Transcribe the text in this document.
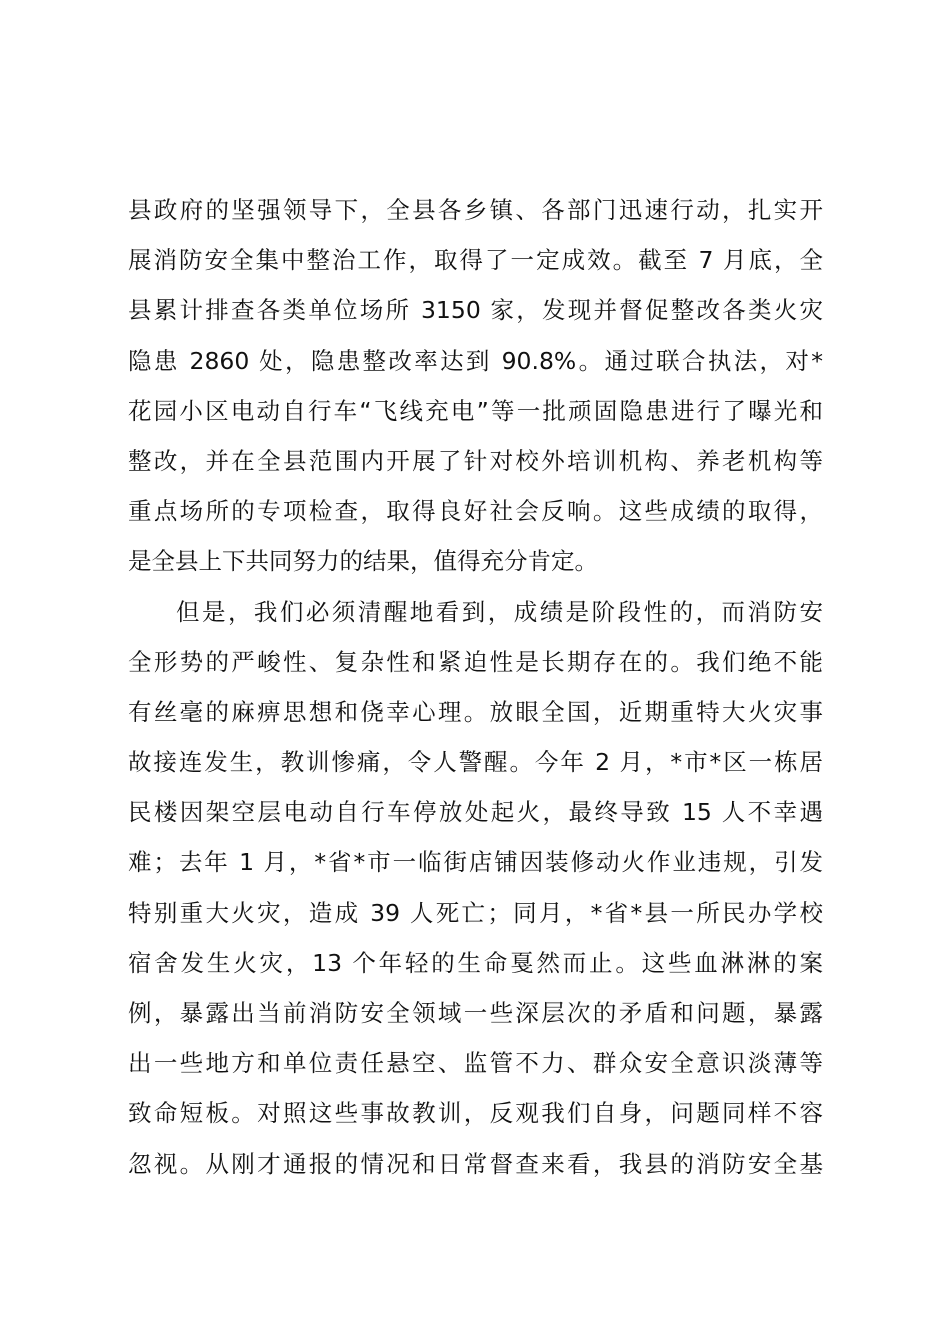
县政府的坚强领导下，全县各乡镇、各部门迅速行动，扎实开
展消防安全集中整治工作，取得了一定成效。截至 7 月底，全
县累计排查各类单位场所 3150 家，发现并督促整改各类火灾
隐患 2860 处，隐患整改率达到 90.8%。通过联合执法，对*
花园小区电动自行车“飞线充电”等一批顽固隐患进行了曝光和
整改，并在全县范围内开展了针对校外培训机构、养老机构等
重点场所的专项检查，取得良好社会反响。这些成绩的取得，
是全县上下共同努力的结果，值得充分肯定。
但是，我们必须清醒地看到，成绩是阶段性的，而消防安
全形势的严峻性、复杂性和紧迫性是长期存在的。我们绝不能
有丝毫的麻痹思想和侥幸心理。放眼全国，近期重特大火灾事
故接连发生，教训惨痛，令人警醒。今年 2 月，*市*区一栋居
民楼因架空层电动自行车停放处起火，最终导致 15 人不幸遇
难；去年 1 月，*省*市一临街店铺因装修动火作业违规，引发
特别重大火灾，造成 39 人死亡；同月，*省*县一所民办学校
宿舍发生火灾，13 个年轻的生命戛然而止。这些血淋淋的案
例，暴露出当前消防安全领域一些深层次的矛盾和问题，暴露
出一些地方和单位责任悬空、监管不力、群众安全意识淡薄等
致命短板。对照这些事故教训，反观我们自身，问题同样不容
忽视。从刚才通报的情况和日常督查来看，我县的消防安全基
